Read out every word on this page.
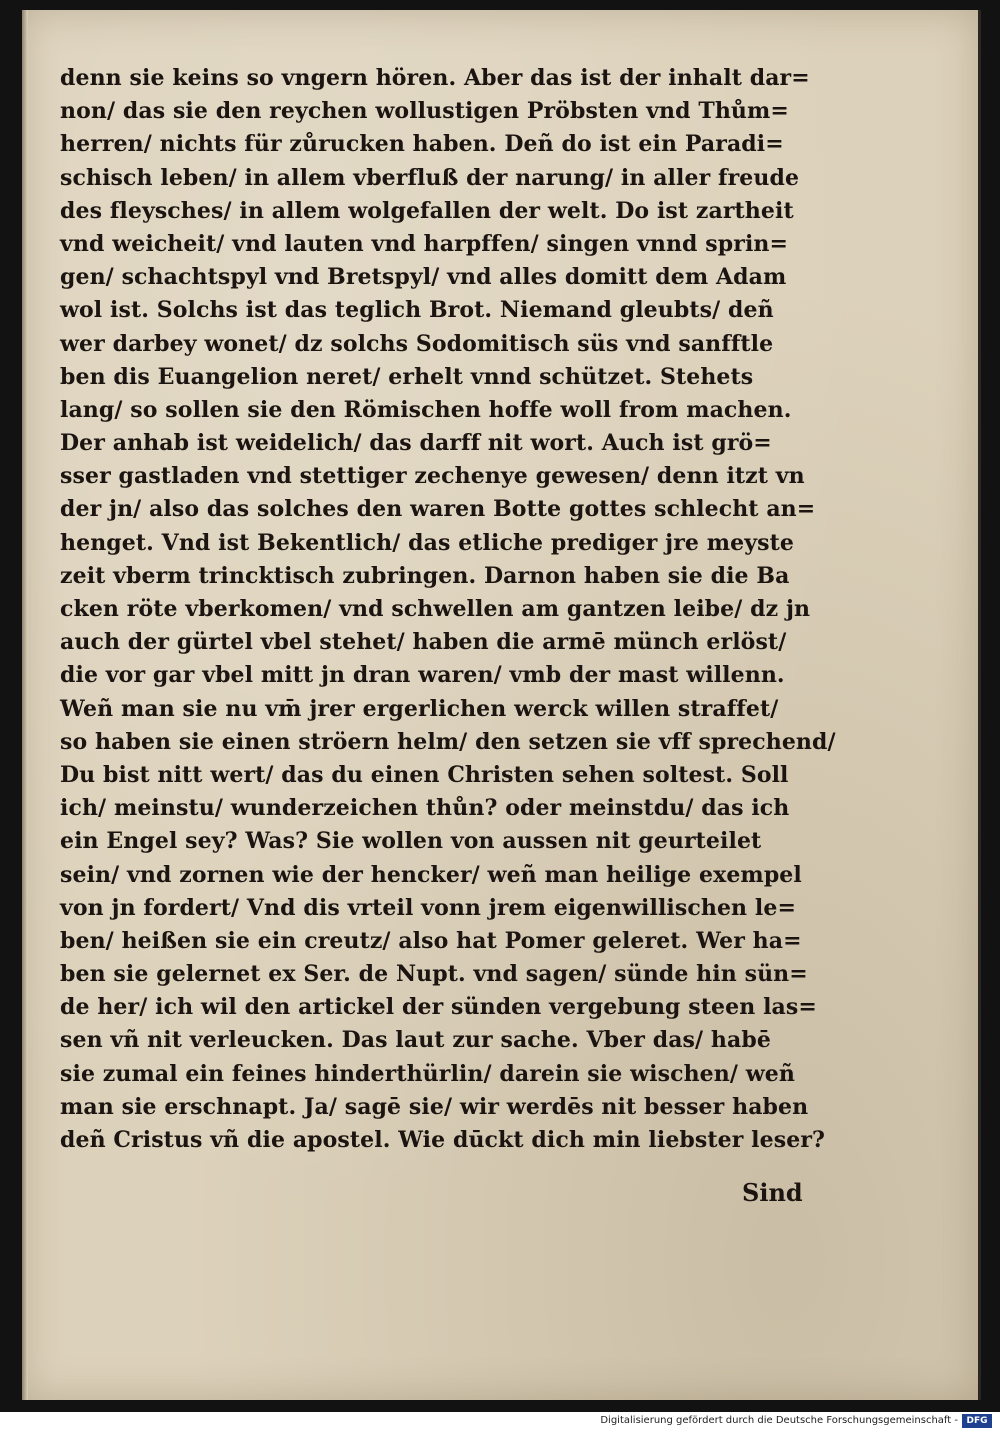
denn sie keins so vngern hören. Aber das ist der inhalt dar=
non/ das sie den reychen wollustigen Pröbsten vnd Thům=
herren/ nichts für zůrucken haben. Deñ do ist ein Paradi=
schisch leben/ in allem vberfluß der narung/ in aller freude
des fleysches/ in allem wolgefallen der welt. Do ist zartheit
vnd weicheit/ vnd lauten vnd harpffen/ singen vnnd sprin=
gen/ schachtspyl vnd Bretspyl/ vnd alles domitt dem Adam
wol ist. Solchs ist das teglich Brot. Niemand gleubts/ deñ
wer darbey wonet/ dz solchs Sodomitisch süs vnd sanfftle
ben dis Euangelion neret/ erhelt vnnd schützet. Stehets
lang/ so sollen sie den Römischen hoffe woll from machen.
Der anhab ist weidelich/ das darff nit wort. Auch ist grö=
sser gastladen vnd stettiger zechenye gewesen/ denn itzt vn
der jn/ also das solches den waren Botte gottes schlecht an=
henget. Vnd ist Bekentlich/ das etliche prediger jre meyste
zeit vberm trincktisch zubringen. Darnon haben sie die Ba
cken röte vberkomen/ vnd schwellen am gantzen leibe/ dz jn
auch der gürtel vbel stehet/ haben die armē münch erlöst/
die vor gar vbel mitt jn dran waren/ vmb der mast willenn.
Weñ man sie nu vm̄ jrer ergerlichen werck willen straffet/
so haben sie einen ströern helm/ den setzen sie vff sprechend/
Du bist nitt wert/ das du einen Christen sehen soltest. Soll
ich/ meinstu/ wunderzeichen thůn? oder meinstdu/ das ich
ein Engel sey? Was? Sie wollen von aussen nit geurteilet
sein/ vnd zornen wie der hencker/ weñ man heilige exempel
von jn fordert/ Vnd dis vrteil vonn jrem eigenwillischen le=
ben/ heißen sie ein creutz/ also hat Pomer geleret. Wer ha=
ben sie gelernet ex Ser. de Nupt. vnd sagen/ sünde hin sün=
de her/ ich wil den artickel der sünden vergebung steen las=
sen vñ nit verleucken. Das laut zur sache. Vber das/ habē
sie zumal ein feines hinderthürlin/ darein sie wischen/ weñ
man sie erschnapt. Ja/ sagē sie/ wir werdēs nit besser haben
deñ Cristus vñ die apostel. Wie dūckt dich min liebster leser?
Sind
Digitalisierung gefördert durch die Deutsche Forschungsgemeinschaft - DFG
